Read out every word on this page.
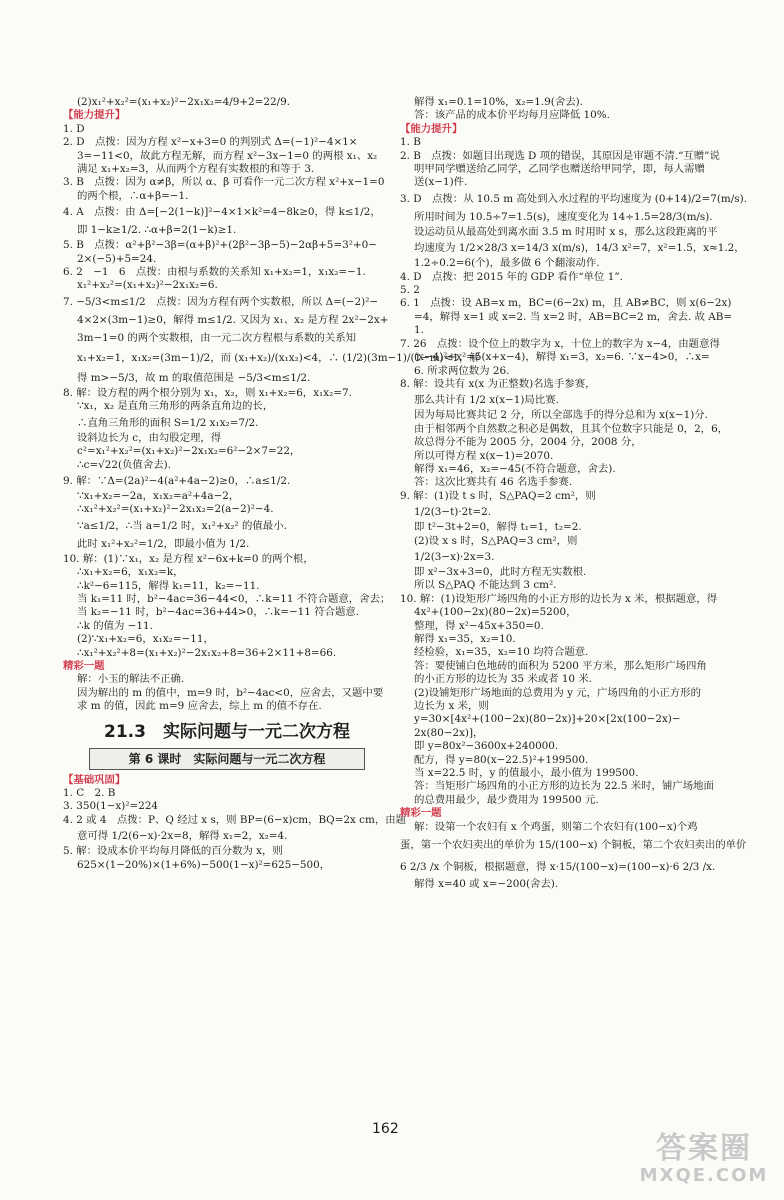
(2)x₁²+x₂²=(x₁+x₂)²−2x₁x₂=4/9+2=22/9.
【能力提升】
1. D
2. D　点拨：因为方程 x²−x+3=0 的判别式 Δ=(−1)²−4×1×
3=−11<0，故此方程无解，而方程 x²−3x−1=0 的两根 x₁、x₂
满足 x₁+x₂=3，从而两个方程有实数根的和等于 3.
3. B　点拨：因为 α≠β，所以 α、β 可看作一元二次方程 x²+x−1=0
的两个根，∴α+β=−1.
4. A　点拨：由 Δ=[−2(1−k)]²−4×1×k²=4−8k≥0，得 k≤1/2，
即 1−k≥1/2. ∴α+β=2(1−k)≥1.
5. B　点拨：α²+β²−3β=(α+β)²+(2β²−3β−5)−2αβ+5=3²+0−
2×(−5)+5=24.
6. 2　−1　6　点拨：由根与系数的关系知 x₁+x₂=1，x₁x₂=−1.
x₁²+x₂²=(x₁+x₂)²−2x₁x₂=6.
7. −5/3<m≤1/2　点拨：因为方程有两个实数根，所以 Δ=(−2)²−
4×2×(3m−1)≥0，解得 m≤1/2. 又因为 x₁、x₂ 是方程 2x²−2x+
3m−1=0 的两个实数根，由一元二次方程根与系数的关系知
x₁+x₂=1，x₁x₂=(3m−1)/2，而 (x₁+x₂)/(x₁x₂)<4，∴ (1/2)(3m−1)/(1−m)<1，解
得 m>−5/3，故 m 的取值范围是 −5/3<m≤1/2.
8. 解：设方程的两个根分别为 x₁，x₂，则 x₁+x₂=6，x₁x₂=7.
∵x₁，x₂ 是直角三角形的两条直角边的长，
∴直角三角形的面积 S=1/2 x₁x₂=7/2.
设斜边长为 c，由勾股定理，得
c²=x₁²+x₂²=(x₁+x₂)²−2x₁x₂=6²−2×7=22，
∴c=√22(负值舍去).
9. 解：∵Δ=(2a)²−4(a²+4a−2)≥0，∴a≤1/2.
∵x₁+x₂=−2a，x₁x₂=a²+4a−2，
∴x₁²+x₂²=(x₁+x₂)²−2x₁x₂=2(a−2)²−4.
∵a≤1/2，∴当 a=1/2 时，x₁²+x₂² 的值最小.
此时 x₁²+x₂²=1/2，即最小值为 1/2.
10. 解：(1)∵x₁，x₂ 是方程 x²−6x+k=0 的两个根，
∴x₁+x₂=6，x₁x₂=k，
∴k²−6=115，解得 k₁=11，k₂=−11.
当 k₁=11 时，b²−4ac=36−44<0，∴k=11 不符合题意，舍去；
当 k₂=−11 时，b²−4ac=36+44>0，∴k=−11 符合题意.
∴k 的值为 −11.
(2)∵x₁+x₂=6，x₁x₂=−11，
∴x₁²+x₂²+8=(x₁+x₂)²−2x₁x₂+8=36+2×11+8=66.
精彩一题
解：小玉的解法不正确.
因为解出的 m 的值中，m=9 时，b²−4ac<0，应舍去，又题中要
求 m 的值，因此 m=9 应舍去，综上 m 的值不存在.
21.3　实际问题与一元二次方程
第 6 课时　实际问题与一元二次方程
【基础巩固】
1. C　2. B
3. 350(1−x)²=224
4. 2 或 4　点拨：P、Q 经过 x s，则 BP=(6−x)cm，BQ=2x cm，由题
意可得 1/2(6−x)·2x=8，解得 x₁=2，x₂=4.
5. 解：设成本价平均每月降低的百分数为 x，则
625×(1−20%)×(1+6%)−500(1−x)²=625−500，
解得 x₁=0.1=10%，x₂=1.9(舍去).
答：该产品的成本价平均每月应降低 10%.
【能力提升】
1. B
2. B　点拨：如题目出现选 D 项的错误，其原因是审题不清.“互赠”说
明甲同学赠送给乙同学，乙同学也赠送给甲同学，即，每人需赠
送(x−1)件.
3. D　点拨：从 10.5 m 高处到入水过程的平均速度为 (0+14)/2=7(m/s).
所用时间为 10.5÷7=1.5(s)，速度变化为 14÷1.5=28/3(m/s).
设运动员从最高处到离水面 3.5 m 时用时 x s，那么这段距离的平
均速度为 1/2×28/3 x=14/3 x(m/s)，14/3 x²=7，x²=1.5，x≈1.2，
1.2÷0.2=6(个)，最多做 6 个翻滚动作.
4. D　点拨：把 2015 年的 GDP 看作“单位 1”.
5. 2
6. 1　点拨：设 AB=x m，BC=(6−2x) m，且 AB≠BC，则 x(6−2x)
=4，解得 x=1 或 x=2. 当 x=2 时，AB=BC=2 m，舍去. 故 AB=
1.
7. 26　点拨：设个位上的数字为 x，十位上的数字为 x−4，由题意得
(x−4)²+x²=5(x+x−4)，解得 x₁=3，x₂=6. ∵x−4>0，∴x=
6. 所求两位数为 26.
8. 解：设共有 x(x 为正整数)名选手参赛，
那么共计有 1/2 x(x−1)局比赛.
因为每局比赛共记 2 分，所以全部选手的得分总和为 x(x−1)分.
由于相邻两个自然数之积必是偶数，且其个位数字只能是 0，2，6，
故总得分不能为 2005 分，2004 分，2008 分，
所以可得方程 x(x−1)=2070.
解得 x₁=46，x₂=−45(不符合题意，舍去).
答：这次比赛共有 46 名选手参赛.
9. 解：(1)设 t s 时，S△PAQ=2 cm²，则
1/2(3−t)·2t=2.
即 t²−3t+2=0，解得 t₁=1，t₂=2.
(2)设 x s 时，S△PAQ=3 cm²，则
1/2(3−x)·2x=3.
即 x²−3x+3=0，此时方程无实数根.
所以 S△PAQ 不能达到 3 cm².
10. 解：(1)设矩形广场四角的小正方形的边长为 x 米，根据题意，得
4x²+(100−2x)(80−2x)=5200，
整理，得 x²−45x+350=0.
解得 x₁=35，x₂=10.
经检验，x₁=35，x₂=10 均符合题意.
答：要使铺白色地砖的面积为 5200 平方米，那么矩形广场四角
的小正方形的边长为 35 米或者 10 米.
(2)设铺矩形广场地面的总费用为 y 元，广场四角的小正方形的
边长为 x 米，则
y=30×[4x²+(100−2x)(80−2x)]+20×[2x(100−2x)−
2x(80−2x)]，
即 y=80x²−3600x+240000.
配方，得 y=80(x−22.5)²+199500.
当 x=22.5 时，y 的值最小，最小值为 199500.
答：当矩形广场四角的小正方形的边长为 22.5 米时，铺广场地面
的总费用最少，最少费用为 199500 元.
精彩一题
解：设第一个农妇有 x 个鸡蛋，则第二个农妇有(100−x)个鸡
蛋，第一个农妇卖出的单价为 15/(100−x) 个铜板，第二个农妇卖出的单价
6 2/3 /x 个铜板，根据题意，得 x·15/(100−x)=(100−x)·6 2/3 /x.
解得 x=40 或 x=−200(舍去).
162
答案圈
MXQE.COM
